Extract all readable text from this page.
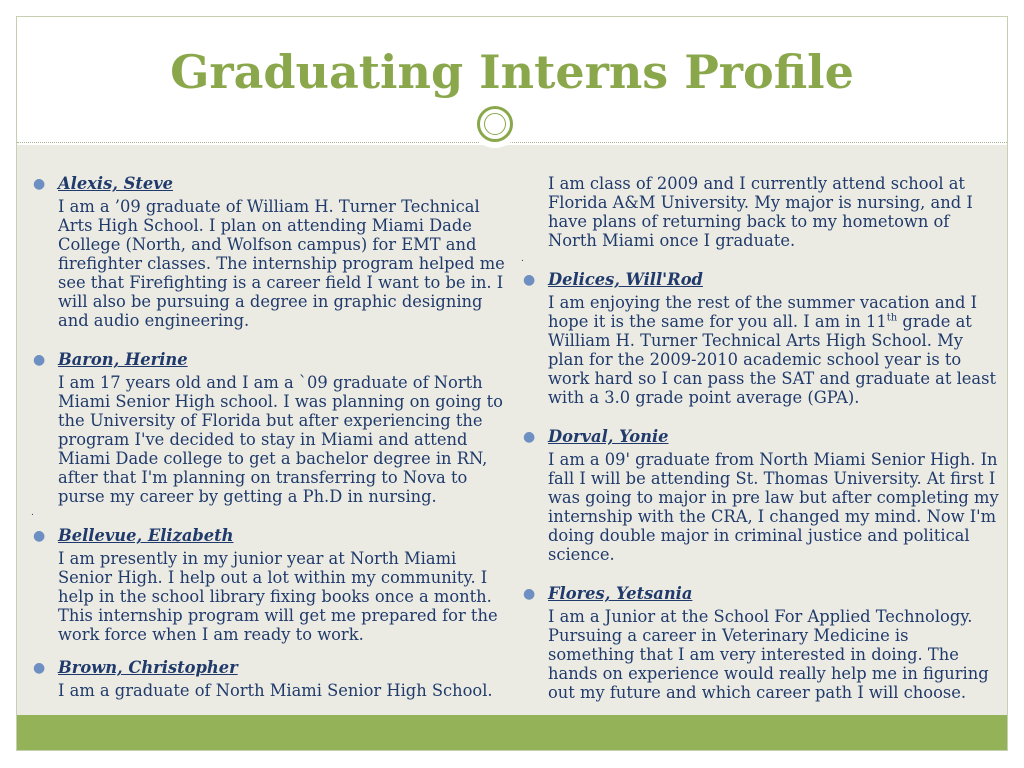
Graduating Interns Profile
● Alexis, Steve
I am a ’09 graduate of William H. Turner Technical Arts High School. I plan on attending Miami Dade College (North, and Wolfson campus) for EMT and firefighter classes. The internship program helped me see that Firefighting is a career field I want to be in. I will also be pursuing a degree in graphic designing and audio engineering.
● Baron, Herine
I am 17 years old and I am a `09 graduate of North Miami Senior High school. I was planning on going to the University of Florida but after experiencing the program I've decided to stay in Miami and attend Miami Dade college to get a bachelor degree in RN, after that I'm planning on transferring to Nova to purse my career by getting a Ph.D in nursing.
● Bellevue, Elizabeth
I am presently in my junior year at North Miami Senior High. I help out a lot within my community. I help in the school library fixing books once a month. This internship program will get me prepared for the work force when I am ready to work.
● Brown, Christopher
I am a graduate of North Miami Senior High School.
.
.
I am class of 2009 and I currently attend school at Florida A&M University. My major is nursing, and I have plans of returning back to my hometown of North Miami once I graduate.
● Delices, Will'Rod
I am enjoying the rest of the summer vacation and I hope it is the same for you all. I am in 11th grade at William H. Turner Technical Arts High School. My plan for the 2009-2010 academic school year is to work hard so I can pass the SAT and graduate at least with a 3.0 grade point average (GPA).
● Dorval, Yonie
I am a 09' graduate from North Miami Senior High. In fall I will be attending St. Thomas University. At first I was going to major in pre law but after completing my internship with the CRA, I changed my mind. Now I'm doing double major in criminal justice and political science.
● Flores, Yetsania
I am a Junior at the School For Applied Technology. Pursuing a career in Veterinary Medicine is something that I am very interested in doing. The hands on experience would really help me in figuring out my future and which career path I will choose.
